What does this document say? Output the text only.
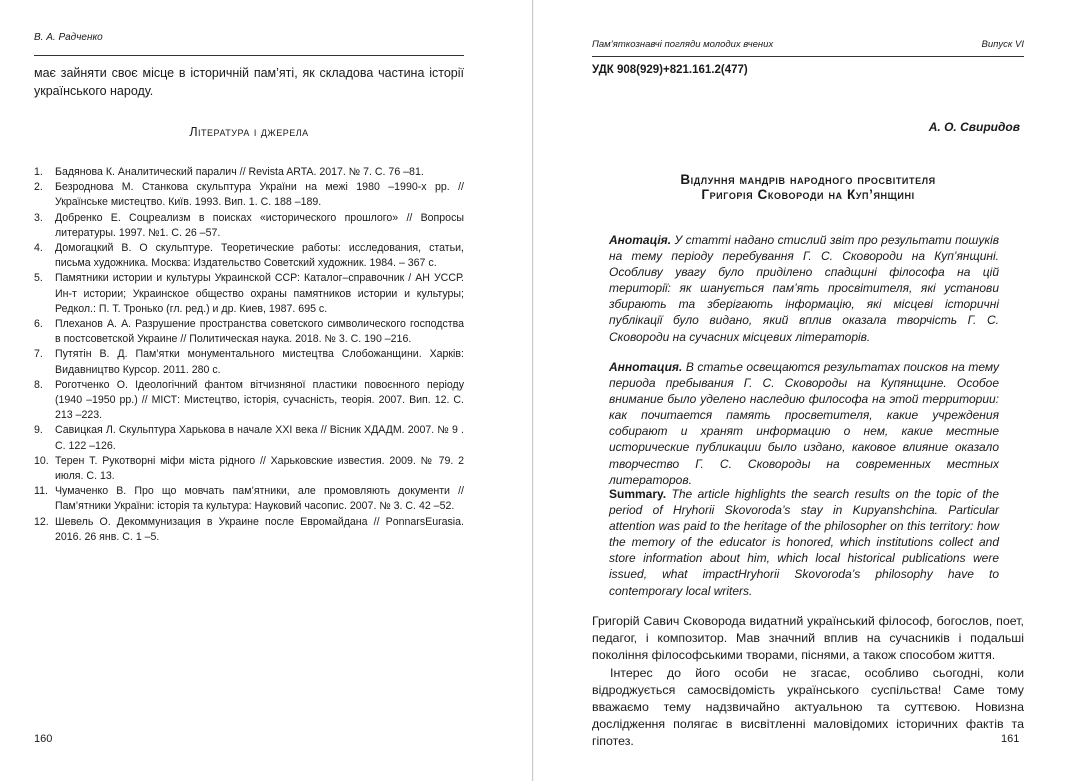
В. А. Радченко
має зайняти своє місце в історичній пам’яті, як складова частина історії українського народу.
Література і джерела
1.	Бадянова К. Аналитический паралич // Revista ARTA. 2017. № 7. С. 76 –81.
2.	Безроднова М. Станкова скульптура України на межі 1980 –1990-х рр. // Українське мистецтво. Київ. 1993. Вип. 1. С. 188 –189.
3.	Добренко Е. Соцреализм в поисках «исторического прошлого» // Вопросы литературы. 1997. №1. С. 26 –57.
4.	Домогацкий В. О скульптуре. Теоретические работы: исследования, статьи, письма художника. Москва: Издательство Советский художник. 1984. – 367 с.
5.	Памятники истории и культуры Украинской ССР: Каталог–справочник / АН УССР. Ин-т истории; Украинское общество охраны памятников истории и культуры; Редкол.: П. Т. Тронько (гл. ред.) и др. Киев, 1987. 695 с.
6.	Плеханов А. А. Разрушение пространства советского символического господства в постсоветской Украине // Политическая наука. 2018. № 3. С. 190 –216.
7.	Путятін В. Д. Пам’ятки монументального мистецтва Слобожанщини. Харків: Видавництво Курсор. 2011. 280 с.
8.	Роготченко О. Ідеологічний фантом вітчизняної пластики повоєнного періоду (1940 –1950 рр.) // МІСТ: Мистецтво, історія, сучасність, теорія. 2007. Вип. 12. С. 213 –223.
9.	Савицкая Л. Скульптура Харькова в начале XXI века // Вісник ХДАДМ. 2007. № 9 . С. 122 –126.
10. Терен Т. Рукотворні міфи міста рідного // Харьковские известия. 2009. № 79. 2 июля. С. 13.
11. Чумаченко В. Про що мовчать пам’ятники, але промовляють документи // Пам’ятники України: історія та культура: Науковий часопис. 2007. № 3. С. 42 –52.
12. Шевель О. Декоммунизация в Украине после Евромайдана // PonnarsEurasia. 2016. 26 янв. С. 1 –5.
160
Пам’яткознавчі погляди молодих вчених	Випуск VI
УДК 908(929)+821.161.2(477)
А. О. Свиридов
Відлуння мандрів народного просвітителя
Григорія Сковороди на Куп’янщині
Анотація. У статті надано стислий звіт про результати пошуків на тему періоду перебування Г. С. Сковороди на Куп’янщині. Особливу увагу було приділено спадщині філософа на цій території: як шанується пам’ять просвітителя, які установи збирають та зберігають інформацію, які місцеві історичні публікації було видано, який вплив оказала творчість Г. С. Сковороди на сучасних місцевих літераторів.
Аннотация. В статье освещаются результатах поисков на тему периода пребывания Г. С. Сковороды на Купянщине. Особое внимание было уделено наследию философа на этой территории: как почитается память просветителя, какие учреждения собирают и хранят информацию о нем, какие местные исторические публикации было издано, каковое влияние оказало творчество Г. С. Сковороды на современных местных литераторов.
Summary. The article highlights the search results on the topic of the period of Hryhorii Skovoroda’s stay in Kupyanshchina. Particular attention was paid to the heritage of the philosopher on this territory: how the memory of the educator is honored, which institutions collect and store information about him, which local historical publications were issued, what impactHryhorii Skovoroda’s philosophy have to contemporary local writers.

Григорій Савич Сковорода видатний український філософ, богослов, поет, педагог, і композитор. Мав значний вплив на сучасників і подальші покоління філософськими творами, піснями, а також способом життя.

Інтерес до його особи не згасає, особливо сьогодні, коли відроджується самосвідомість українського суспільства! Саме тому вважаємо тему надзвичайно актуальною та суттєвою. Новизна дослідження полягає в висвітленні маловідомих історичних фактів та гіпотез.	161
